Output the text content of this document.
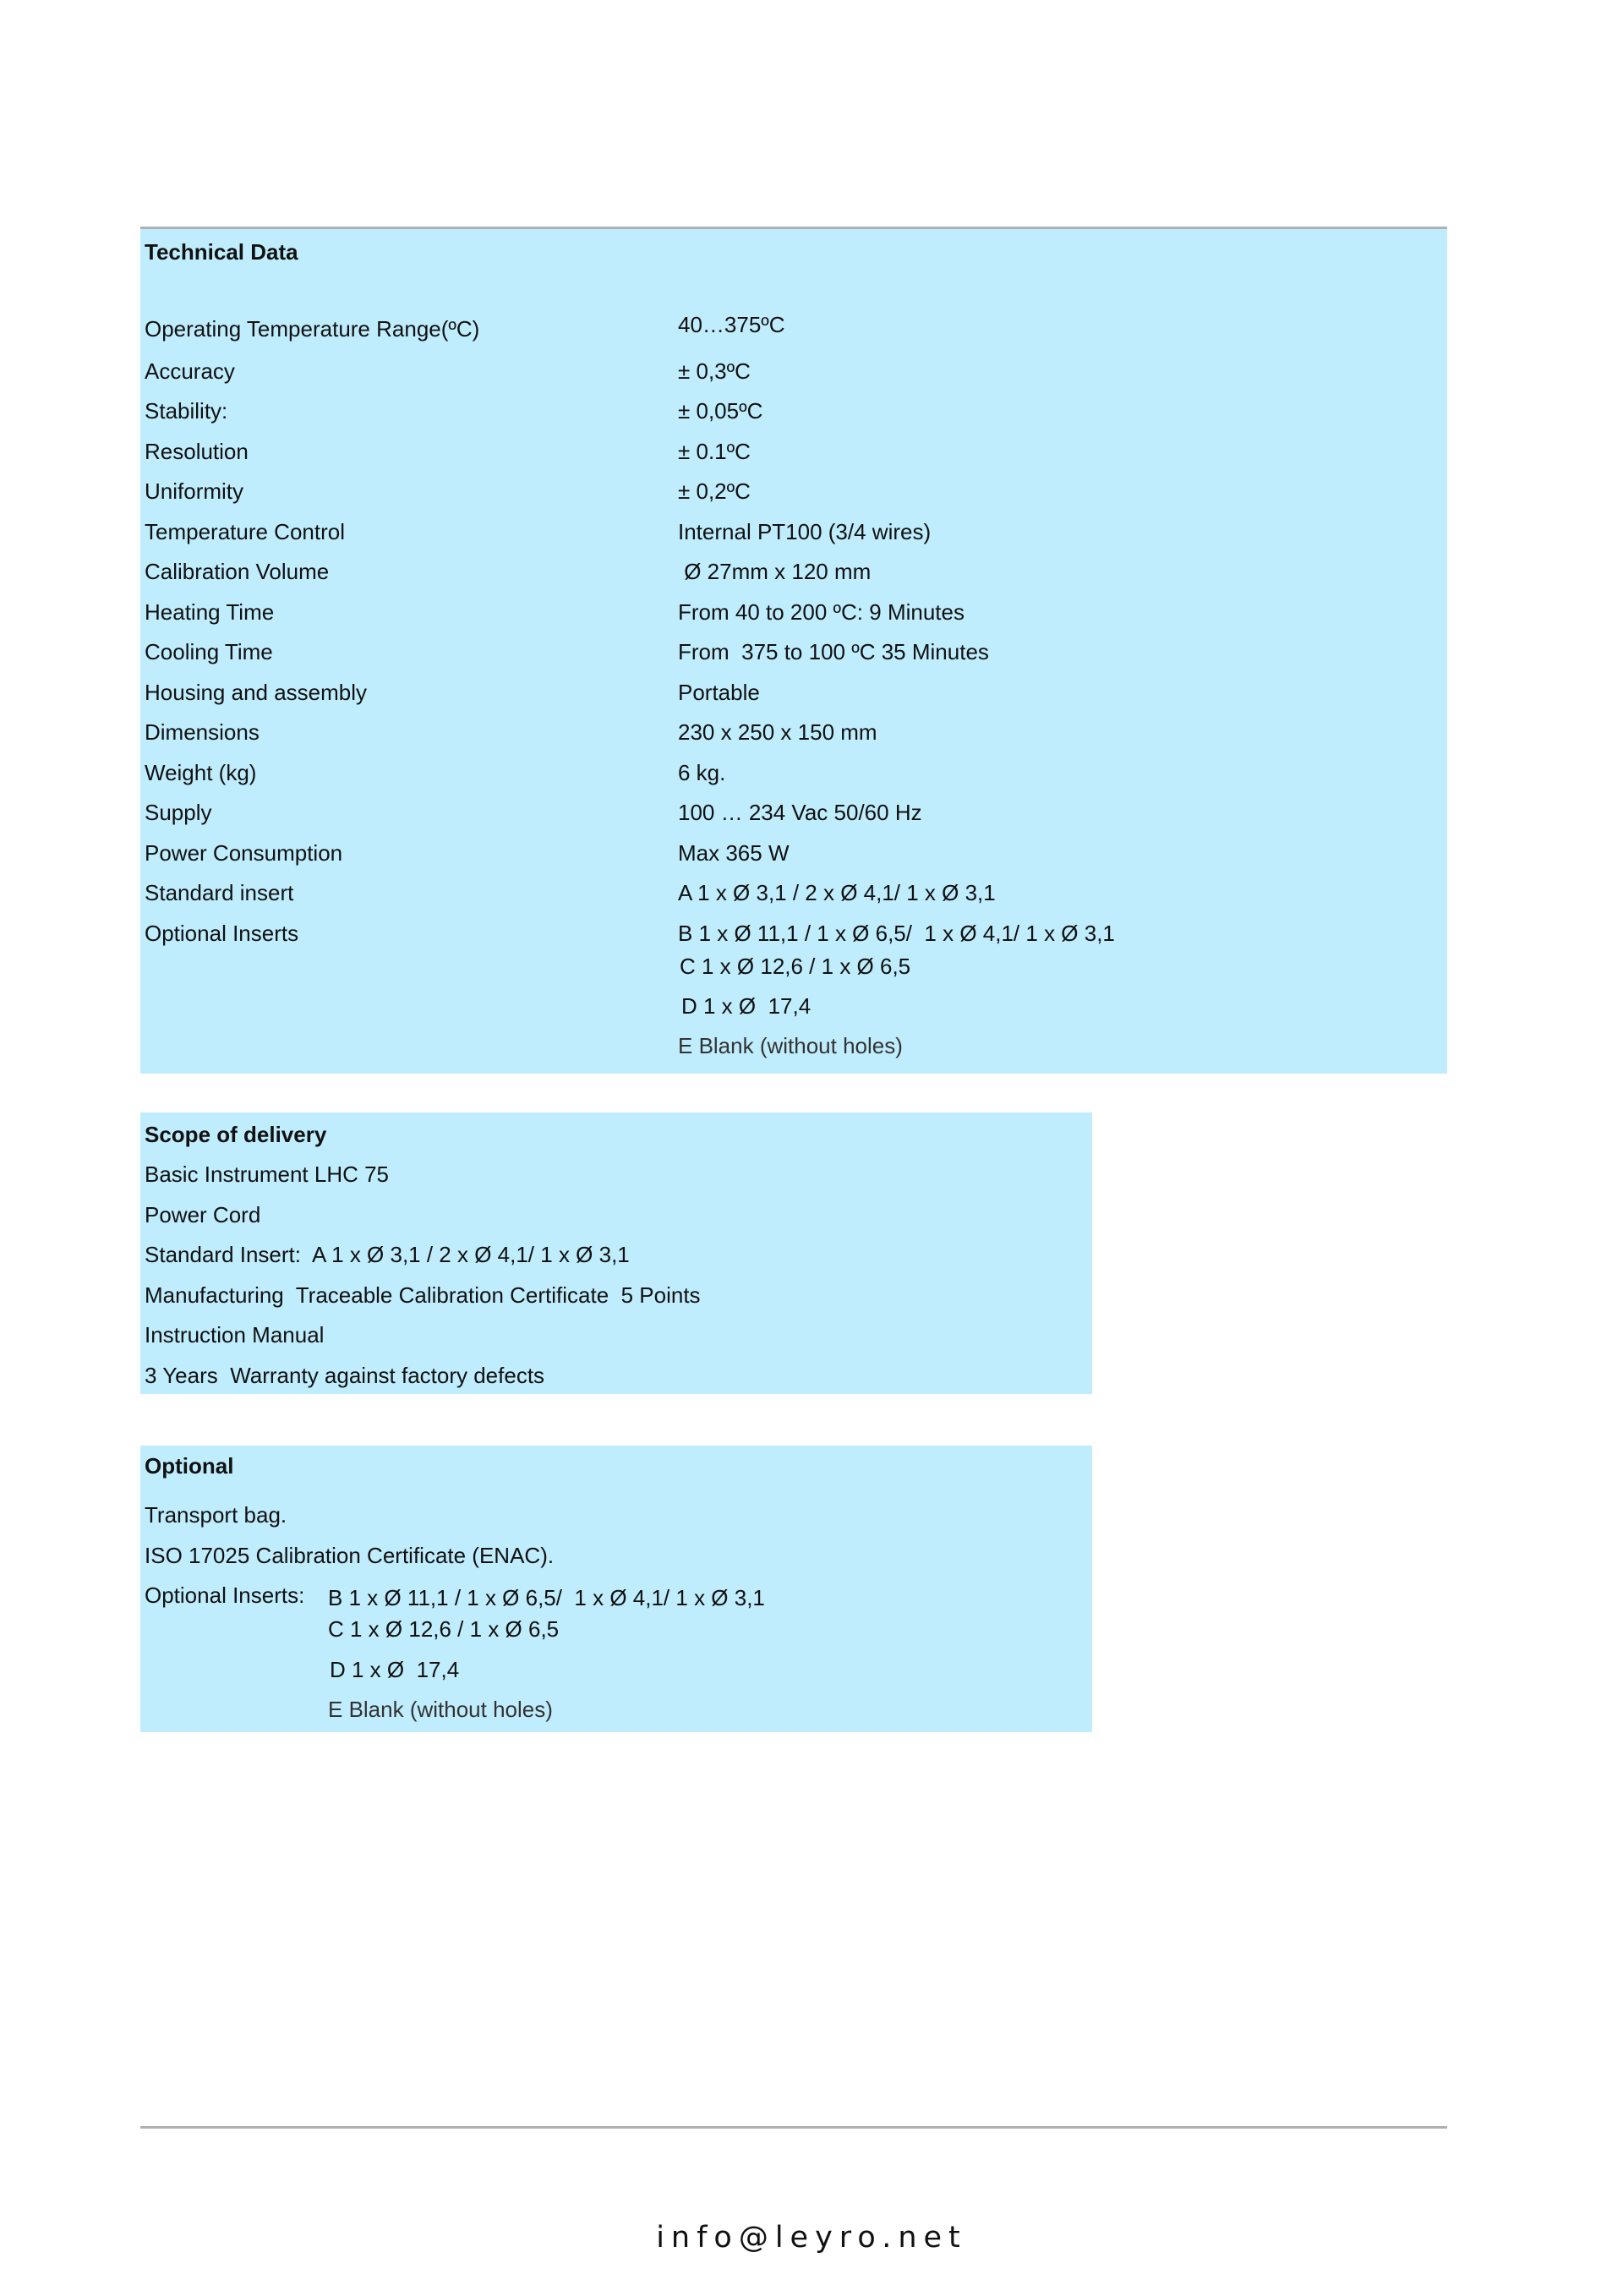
Technical Data
Operating Temperature Range(ºC)	40…375ºC
Accuracy	± 0,3ºC
Stability:	± 0,05ºC
Resolution	± 0.1ºC
Uniformity	± 0,2ºC
Temperature Control	Internal PT100 (3/4 wires)
Calibration Volume	Ø 27mm x 120 mm
Heating Time	From 40 to 200 ºC: 9 Minutes
Cooling Time	From  375 to 100 ºC 35 Minutes
Housing and assembly	Portable
Dimensions	230 x 250 x 150 mm
Weight (kg)	6 kg.
Supply	100 … 234 Vac 50/60 Hz
Power Consumption	Max 365 W
Standard insert	A 1 x Ø 3,1 / 2 x Ø 4,1/ 1 x Ø 3,1
Optional Inserts	B 1 x Ø 11,1 / 1 x Ø 6,5/  1 x Ø 4,1/ 1 x Ø 3,1
C 1 x Ø 12,6 / 1 x Ø 6,5
D 1 x Ø  17,4
E Blank (without holes)
Scope of delivery
Basic Instrument LHC 75
Power Cord
Standard Insert:  A 1 x Ø 3,1 / 2 x Ø 4,1/ 1 x Ø 3,1
Manufacturing  Traceable Calibration Certificate  5 Points
Instruction Manual
3 Years  Warranty against factory defects
Optional
Transport bag.
ISO 17025 Calibration Certificate (ENAC).
Optional Inserts: B 1 x Ø 11,1 / 1 x Ø 6,5/  1 x Ø 4,1/ 1 x Ø 3,1
C 1 x Ø 12,6 / 1 x Ø 6,5
D 1 x Ø  17,4
E Blank (without holes)
info@leyro.net
